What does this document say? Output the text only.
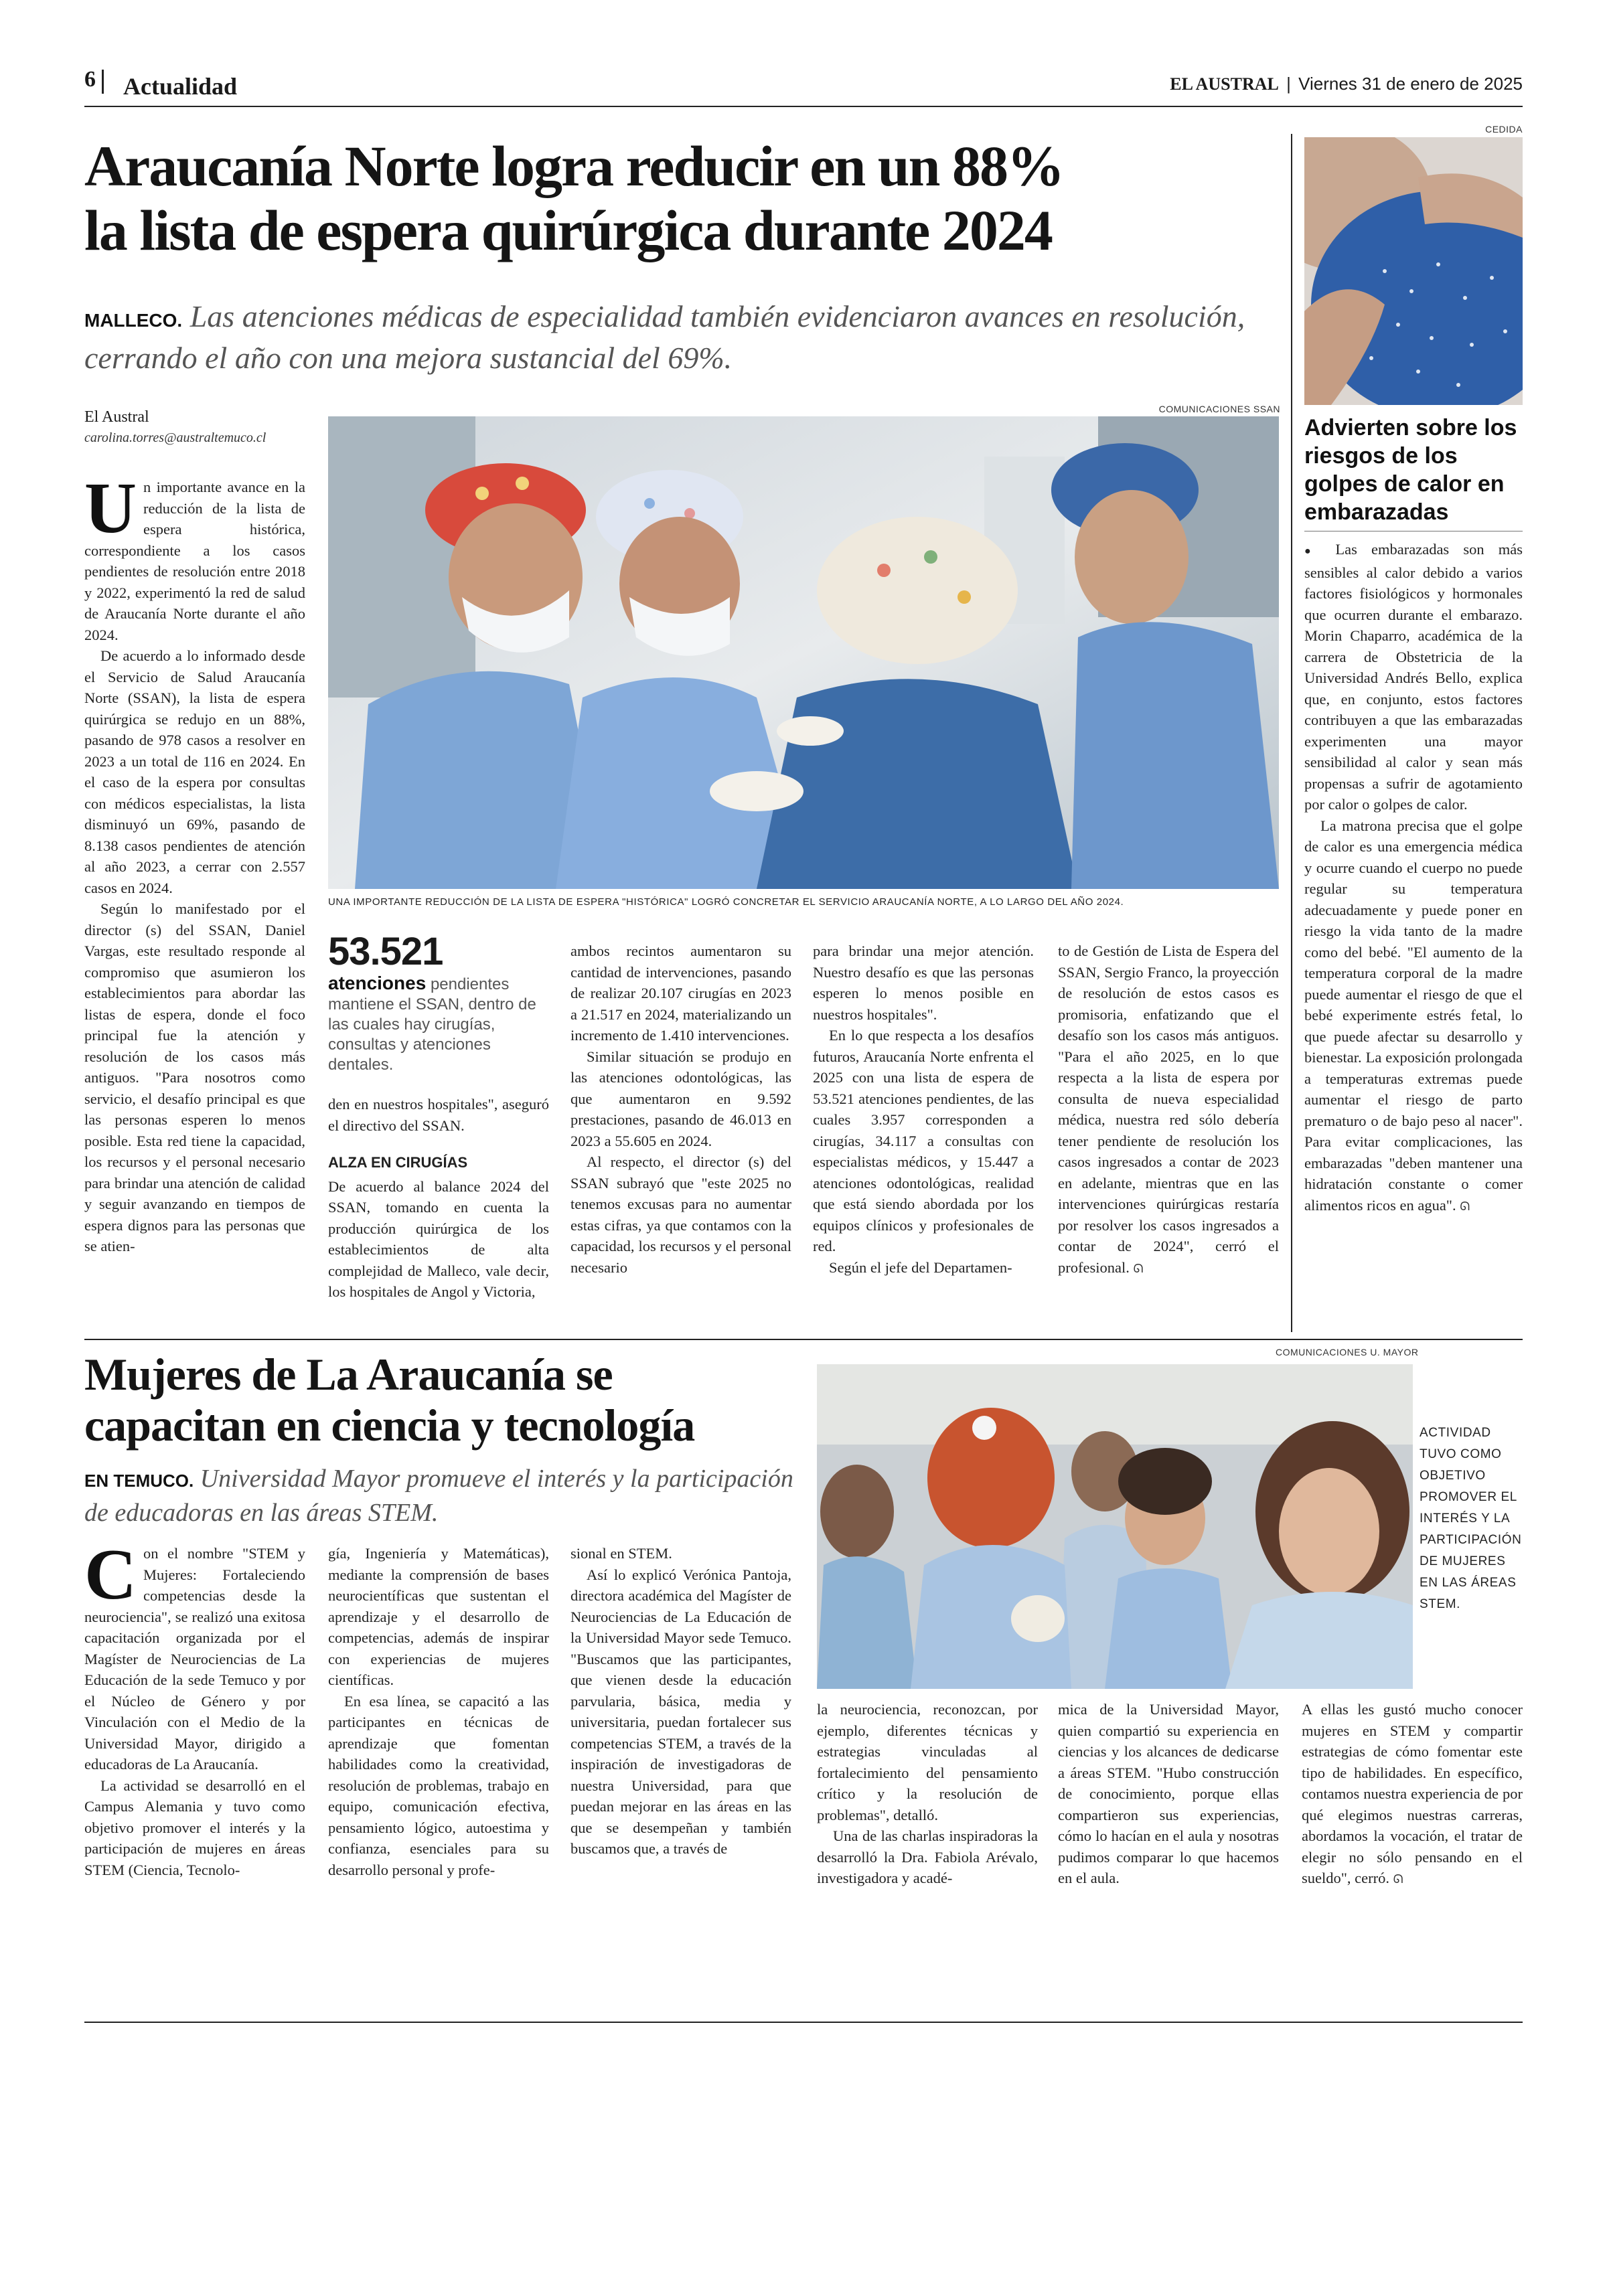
6 Actualidad	EL AUSTRAL | Viernes 31 de enero de 2025
Araucanía Norte logra reducir en un 88%
la lista de espera quirúrgica durante 2024
MALLECO. Las atenciones médicas de especialidad también evidenciaron avances en resolución, cerrando el año con una mejora sustancial del 69%.
El Austral
carolina.torres@australtemuco.cl
COMUNICACIONES SSAN
UNA IMPORTANTE REDUCCIÓN DE LA LISTA DE ESPERA "HISTÓRICA" LOGRÓ CONCRETAR EL SERVICIO ARAUCANÍA NORTE, A LO LARGO DEL AÑO 2024.
U n importante avance en la reducción de la lista de espera histórica, correspondiente a los casos pendientes de resolución entre 2018 y 2022, experimentó la red de salud de Araucanía Norte durante el año 2024.

De acuerdo a lo informado desde el Servicio de Salud Araucanía Norte (SSAN), la lista de espera quirúrgica se redujo en un 88%, pasando de 978 casos a resolver en 2023 a un total de 116 en 2024. En el caso de la espera por consultas con médicos especialistas, la lista disminuyó un 69%, pasando de 8.138 casos pendientes de atención al año 2023, a cerrar con 2.557 casos en 2024.

Según lo manifestado por el director (s) del SSAN, Daniel Vargas, este resultado responde al compromiso que asumieron los establecimientos para abordar las listas de espera, donde el foco principal fue la atención y resolución de los casos más antiguos. "Para nosotros como servicio, el desafío principal es que las personas esperen lo menos posible. Esta red tiene la capacidad, los recursos y el personal necesario para brindar una atención de calidad y seguir avanzando en tiempos de espera dignos para las personas que se atien-

53.521
atenciones pendientes mantiene el SSAN, dentro de las cuales hay cirugías, consultas y atenciones dentales.

den en nuestros hospitales", aseguró el directivo del SSAN.

ALZA EN CIRUGÍAS

De acuerdo al balance 2024 del SSAN, tomando en cuenta la producción quirúrgica de los establecimientos de alta complejidad de Malleco, vale decir, los hospitales de Angol y Victoria,

ambos recintos aumentaron su cantidad de intervenciones, pasando de realizar 20.107 cirugías en 2023 a 21.517 en 2024, materializando un incremento de 1.410 intervenciones.

Similar situación se produjo en las atenciones odontológicas, las que aumentaron en 9.592 prestaciones, pasando de 46.013 en 2023 a 55.605 en 2024.

Al respecto, el director (s) del SSAN subrayó que "este 2025 no tenemos excusas para no aumentar estas cifras, ya que contamos con la capacidad, los recursos y el personal necesario

para brindar una mejor atención. Nuestro desafío es que las personas esperen lo menos posible en nuestros hospitales".

En lo que respecta a los desafíos futuros, Araucanía Norte enfrenta el 2025 con una lista de espera de 53.521 atenciones pendientes, de las cuales 3.957 corresponden a cirugías, 34.117 a consultas con especialistas médicos, y 15.447 a atenciones odontológicas, realidad que está siendo abordada por los equipos clínicos y profesionales de red.

Según el jefe del Departamen-

to de Gestión de Lista de Espera del SSAN, Sergio Franco, la proyección de resolución de estos casos es promisoria, enfatizando que el desafío son los casos más antiguos. "Para el año 2025, en lo que respecta a la lista de espera por consulta de nueva especialidad médica, nuestra red sólo debería tener pendiente de resolución los casos ingresados a contar de 2023 en adelante, mientras que en las intervenciones quirúrgicas restaría por resolver los casos ingresados a contar de 2024", cerró el profesional. ᘏ

CEDIDA
Advierten sobre los riesgos de los golpes de calor en embarazadas

● Las embarazadas son más sensibles al calor debido a varios factores fisiológicos y hormonales que ocurren durante el embarazo. Morin Chaparro, académica de la carrera de Obstetricia de la Universidad Andrés Bello, explica que, en conjunto, estos factores contribuyen a que las embarazadas experimenten una mayor sensibilidad al calor y sean más propensas a sufrir de agotamiento por calor o golpes de calor.

La matrona precisa que el golpe de calor es una emergencia médica y ocurre cuando el cuerpo no puede regular su temperatura adecuadamente y puede poner en riesgo la vida tanto de la madre como del bebé. "El aumento de la temperatura corporal de la madre puede aumentar el riesgo de que el bebé experimente estrés fetal, lo que puede afectar su desarrollo y bienestar. La exposición prolongada a temperaturas extremas puede aumentar el riesgo de parto prematuro o de bajo peso al nacer". Para evitar complicaciones, las embarazadas "deben mantener una hidratación constante o comer alimentos ricos en agua". ᘏ

Mujeres de La Araucanía se
capacitan en ciencia y tecnología
EN TEMUCO. Universidad Mayor promueve el interés y la participación de educadoras en las áreas STEM.
COMUNICACIONES U. MAYOR
ACTIVIDAD TUVO COMO OBJETIVO PROMOVER EL INTERÉS Y LA PARTICIPACIÓN DE MUJERES EN LAS ÁREAS STEM.
C on el nombre "STEM y Mujeres: Fortaleciendo competencias desde la neurociencia", se realizó una exitosa capacitación organizada por el Magíster de Neurociencias de La Educación de la sede Temuco y por el Núcleo de Género y por Vinculación con el Medio de la Universidad Mayor, dirigido a educadoras de La Araucanía.

La actividad se desarrolló en el Campus Alemania y tuvo como objetivo promover el interés y la participación de mujeres en áreas STEM (Ciencia, Tecnolo-

gía, Ingeniería y Matemáticas), mediante la comprensión de bases neurocientíficas que sustentan el aprendizaje y el desarrollo de competencias, además de inspirar con experiencias de mujeres científicas.

En esa línea, se capacitó a las participantes en técnicas de aprendizaje que fomentan habilidades como la creatividad, resolución de problemas, trabajo en equipo, comunicación efectiva, pensamiento lógico, autoestima y confianza, esenciales para su desarrollo personal y profe-

sional en STEM.

Así lo explicó Verónica Pantoja, directora académica del Magíster de Neurociencias de La Educación de la Universidad Mayor sede Temuco. "Buscamos que las participantes, que vienen desde la educación parvularia, básica, media y universitaria, puedan fortalecer sus competencias STEM, a través de la inspiración de investigadoras de nuestra Universidad, para que puedan mejorar en las áreas en las que se desempeñan y también buscamos que, a través de

la neurociencia, reconozcan, por ejemplo, diferentes técnicas y estrategias vinculadas al fortalecimiento del pensamiento crítico y la resolución de problemas", detalló.

Una de las charlas inspiradoras la desarrolló la Dra. Fabiola Arévalo, investigadora y acadé-

mica de la Universidad Mayor, quien compartió su experiencia en ciencias y los alcances de dedicarse a áreas STEM. "Hubo construcción de conocimiento, porque ellas compartieron sus experiencias, cómo lo hacían en el aula y nosotras pudimos comparar lo que hacemos en el aula.

A ellas les gustó mucho conocer mujeres en STEM y compartir estrategias de cómo fomentar este tipo de habilidades. En específico, contamos nuestra experiencia de por qué elegimos nuestras carreras, abordamos la vocación, el tratar de elegir no sólo pensando en el sueldo", cerró. ᘏ
